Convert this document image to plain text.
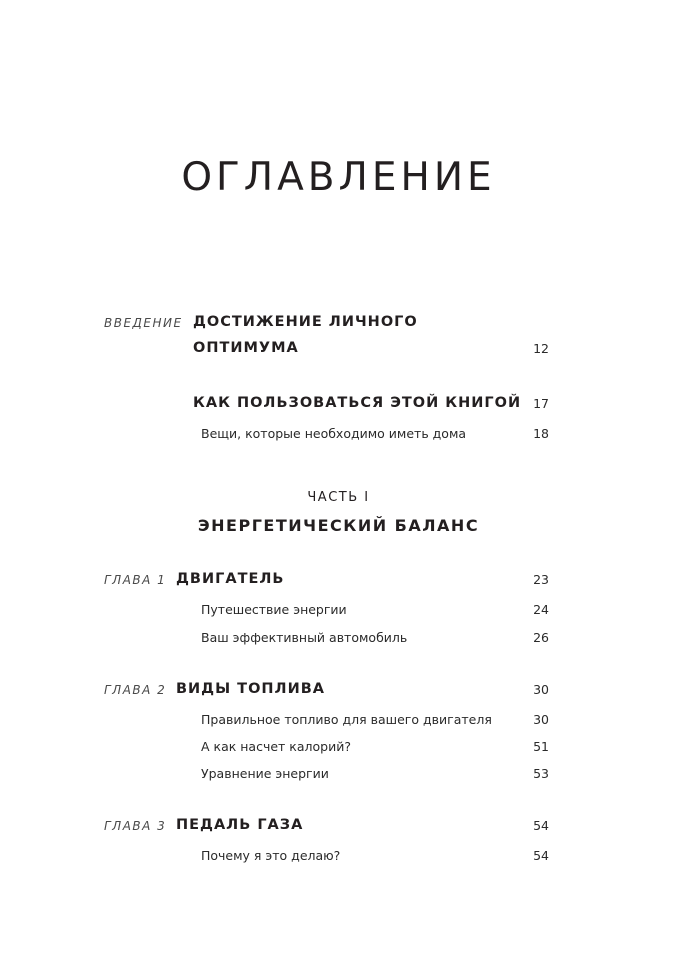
ОГЛАВЛЕНИЕ
ВВЕДЕНИЕ ДОСТИЖЕНИЕ ЛИЧНОГО
ОПТИМУМА	12
КАК ПОЛЬЗОВАТЬСЯ ЭТОЙ КНИГОЙ 17
Вещи, которые необходимо иметь дома	18
ЧАСТЬ I
ЭНЕРГЕТИЧЕСКИЙ БАЛАНС
ГЛАВА 1 ДВИГАТЕЛЬ	23
Путешествие энергии	24
Ваш эффективный автомобиль	26
ГЛАВА 2 ВИДЫ ТОПЛИВА	30
Правильное топливо для вашего двигателя	30
А как насчет калорий?	51
Уравнение энергии	53
ГЛАВА 3 ПЕДАЛЬ ГАЗА	54
Почему я это делаю?	54
